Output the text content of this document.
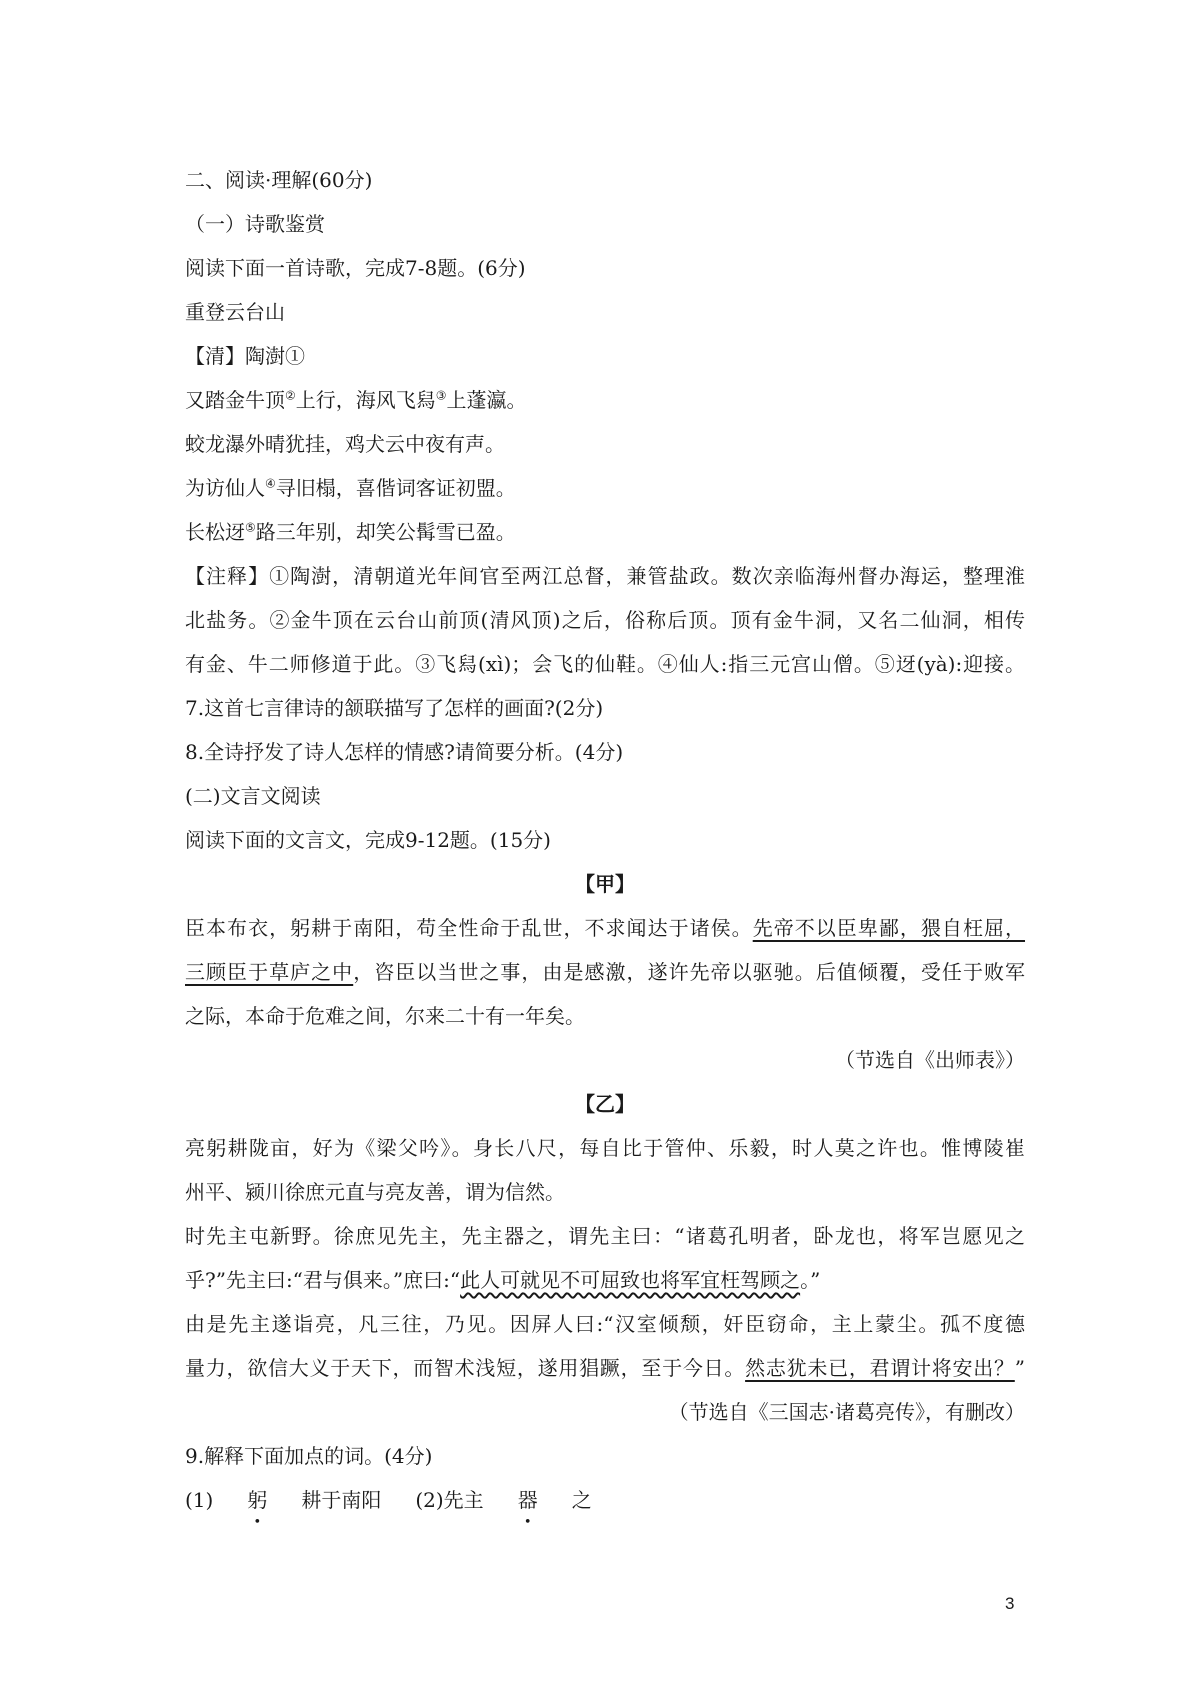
二、阅读·理解(60分)
（一）诗歌鉴赏
阅读下面一首诗歌，完成7-8题。(6分)
重登云台山
【清】陶澍①
又踏金牛顶②上行，海风飞舄③上蓬瀛。
蛟龙瀑外晴犹挂，鸡犬云中夜有声。
为访仙人④寻旧榻，喜偕词客证初盟。
长松迓⑤路三年别，却笑公髯雪已盈。
【注释】①陶澍，清朝道光年间官至两江总督，兼管盐政。数次亲临海州督办海运，整理淮
北盐务。②金牛顶在云台山前顶(清风顶)之后，俗称后顶。顶有金牛洞，又名二仙洞，相传
有金、牛二师修道于此。③飞舄(xì)；会飞的仙鞋。④仙人:指三元宫山僧。⑤迓(yà):迎接。
7.这首七言律诗的颔联描写了怎样的画面?(2分)
8.全诗抒发了诗人怎样的情感?请简要分析。(4分)
(二)文言文阅读
阅读下面的文言文，完成9-12题。(15分)
【甲】
臣本布衣，躬耕于南阳，苟全性命于乱世，不求闻达于诸侯。先帝不以臣卑鄙，猥自枉屈，
三顾臣于草庐之中，咨臣以当世之事，由是感激，遂许先帝以驱驰。后值倾覆，受任于败军
之际，本命于危难之间，尔来二十有一年矣。
（节选自《出师表》）
【乙】
亮躬耕陇亩，好为《梁父吟》。身长八尺，每自比于管仲、乐毅，时人莫之许也。惟博陵崔
州平、颍川徐庶元直与亮友善，谓为信然。
时先主屯新野。徐庶见先主，先主器之，谓先主曰：“诸葛孔明者，卧龙也，将军岂愿见之
乎?”先主曰:“君与俱来。”庶曰:“此人可就见不可屈致也将军宜枉驾顾之。”
由是先主遂诣亮，凡三往，乃见。因屏人曰:“汉室倾颓，奸臣窃命，主上蒙尘。孤不度德
量力，欲信大义于天下，而智术浅短，遂用猖蹶，至于今日。然志犹未已，君谓计将安出？”
（节选自《三国志·诸葛亮传》，有删改）
9.解释下面加点的词。(4分)
(1) 躬 耕于南阳 (2)先主 器 之
3
